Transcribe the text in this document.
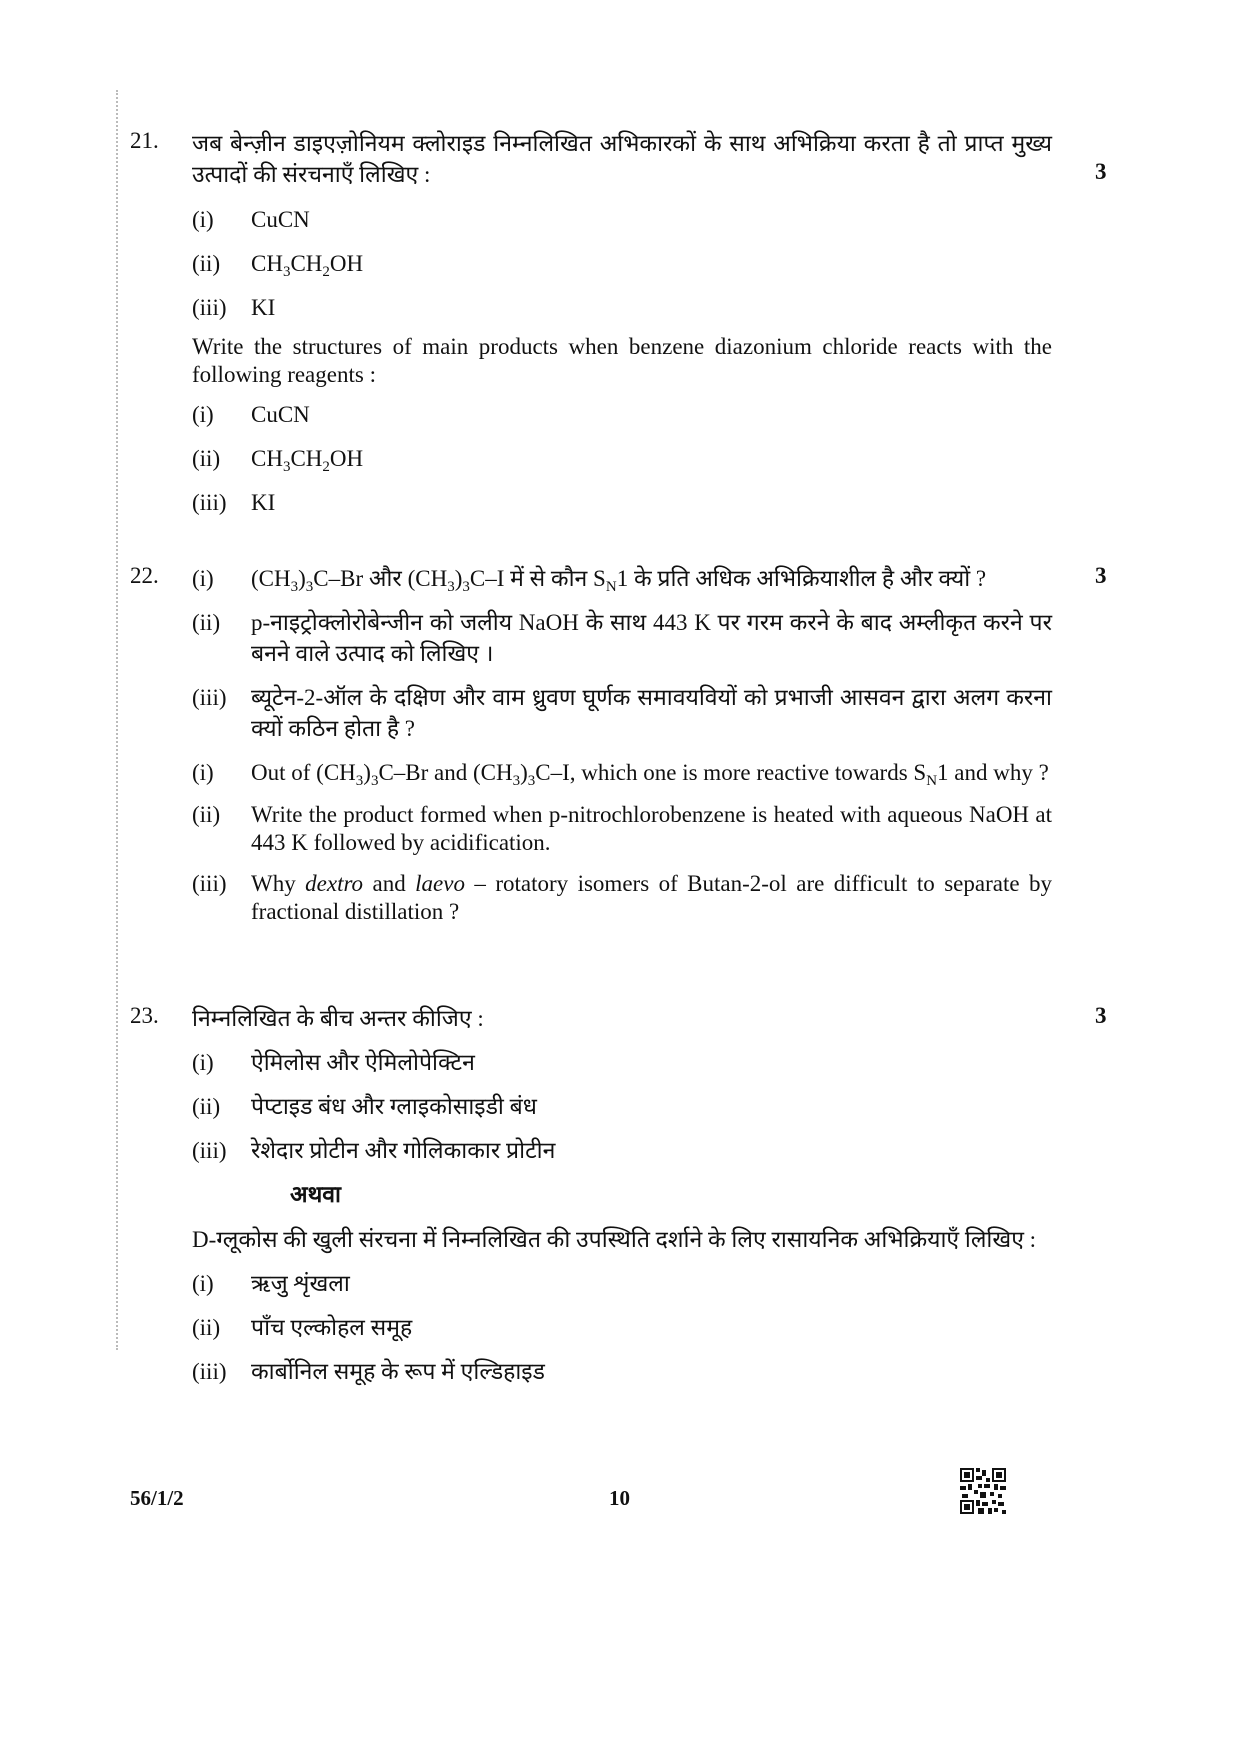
21.
3

जब बेन्ज़ीन डाइएज़ोनियम क्लोराइड निम्नलिखित अभिकारकों के साथ अभिक्रिया करता है तो प्राप्त मुख्य उत्पादों की संरचनाएँ लिखिए :

(i)	CuCN
(ii)	$CH_3CH_2OH$
(iii)	KI

Write the structures of main products when benzene diazonium chloride reacts with the following reagents :

(i)	CuCN
(ii)	$CH_3CH_2OH$
(iii)	KI
22.	3
(i)	$(CH_3)_3C-Br$ और $(CH_3)_3C-I$ में से कौन $S_N1$ के प्रति अधिक अभिक्रियाशील है और क्यों ?
(ii)	p-नाइट्रोक्लोरोबेन्जीन को जलीय NaOH के साथ 443 K पर गरम करने के बाद अम्लीकृत करने पर बनने वाले उत्पाद को लिखिए ।
(iii)	ब्यूटेन-2-ऑल के दक्षिण और वाम ध्रुवण घूर्णक समावयवियों को प्रभाजी आसवन द्वारा अलग करना क्यों कठिन होता है ?
(i)	Out of $(CH_3)_3C-Br$ and $(CH_3)_3C-I$, which one is more reactive towards $S_N1$ and why ?
(ii)	Write the product formed when p-nitrochlorobenzene is heated with aqueous NaOH at 443 K followed by acidification.
(iii)	Why dextro and laevo – rotatory isomers of Butan-2-ol are difficult to separate by fractional distillation ?
23.	3

निम्नलिखित के बीच अन्तर कीजिए :

(i)	ऐमिलोस और ऐमिलोपेक्टिन
(ii)	पेप्टाइड बंध और ग्लाइकोसाइडी बंध
(iii)	रेशेदार प्रोटीन और गोलिकाकार प्रोटीन
अथवा

D-ग्लूकोस की खुली संरचना में निम्नलिखित की उपस्थिति दर्शाने के लिए रासायनिक अभिक्रियाएँ लिखिए :

(i)	ऋजु शृंखला
(ii)	पाँच एल्कोहल समूह
(iii)	कार्बोनिल समूह के रूप में एल्डिहाइड
56/1/2	10
